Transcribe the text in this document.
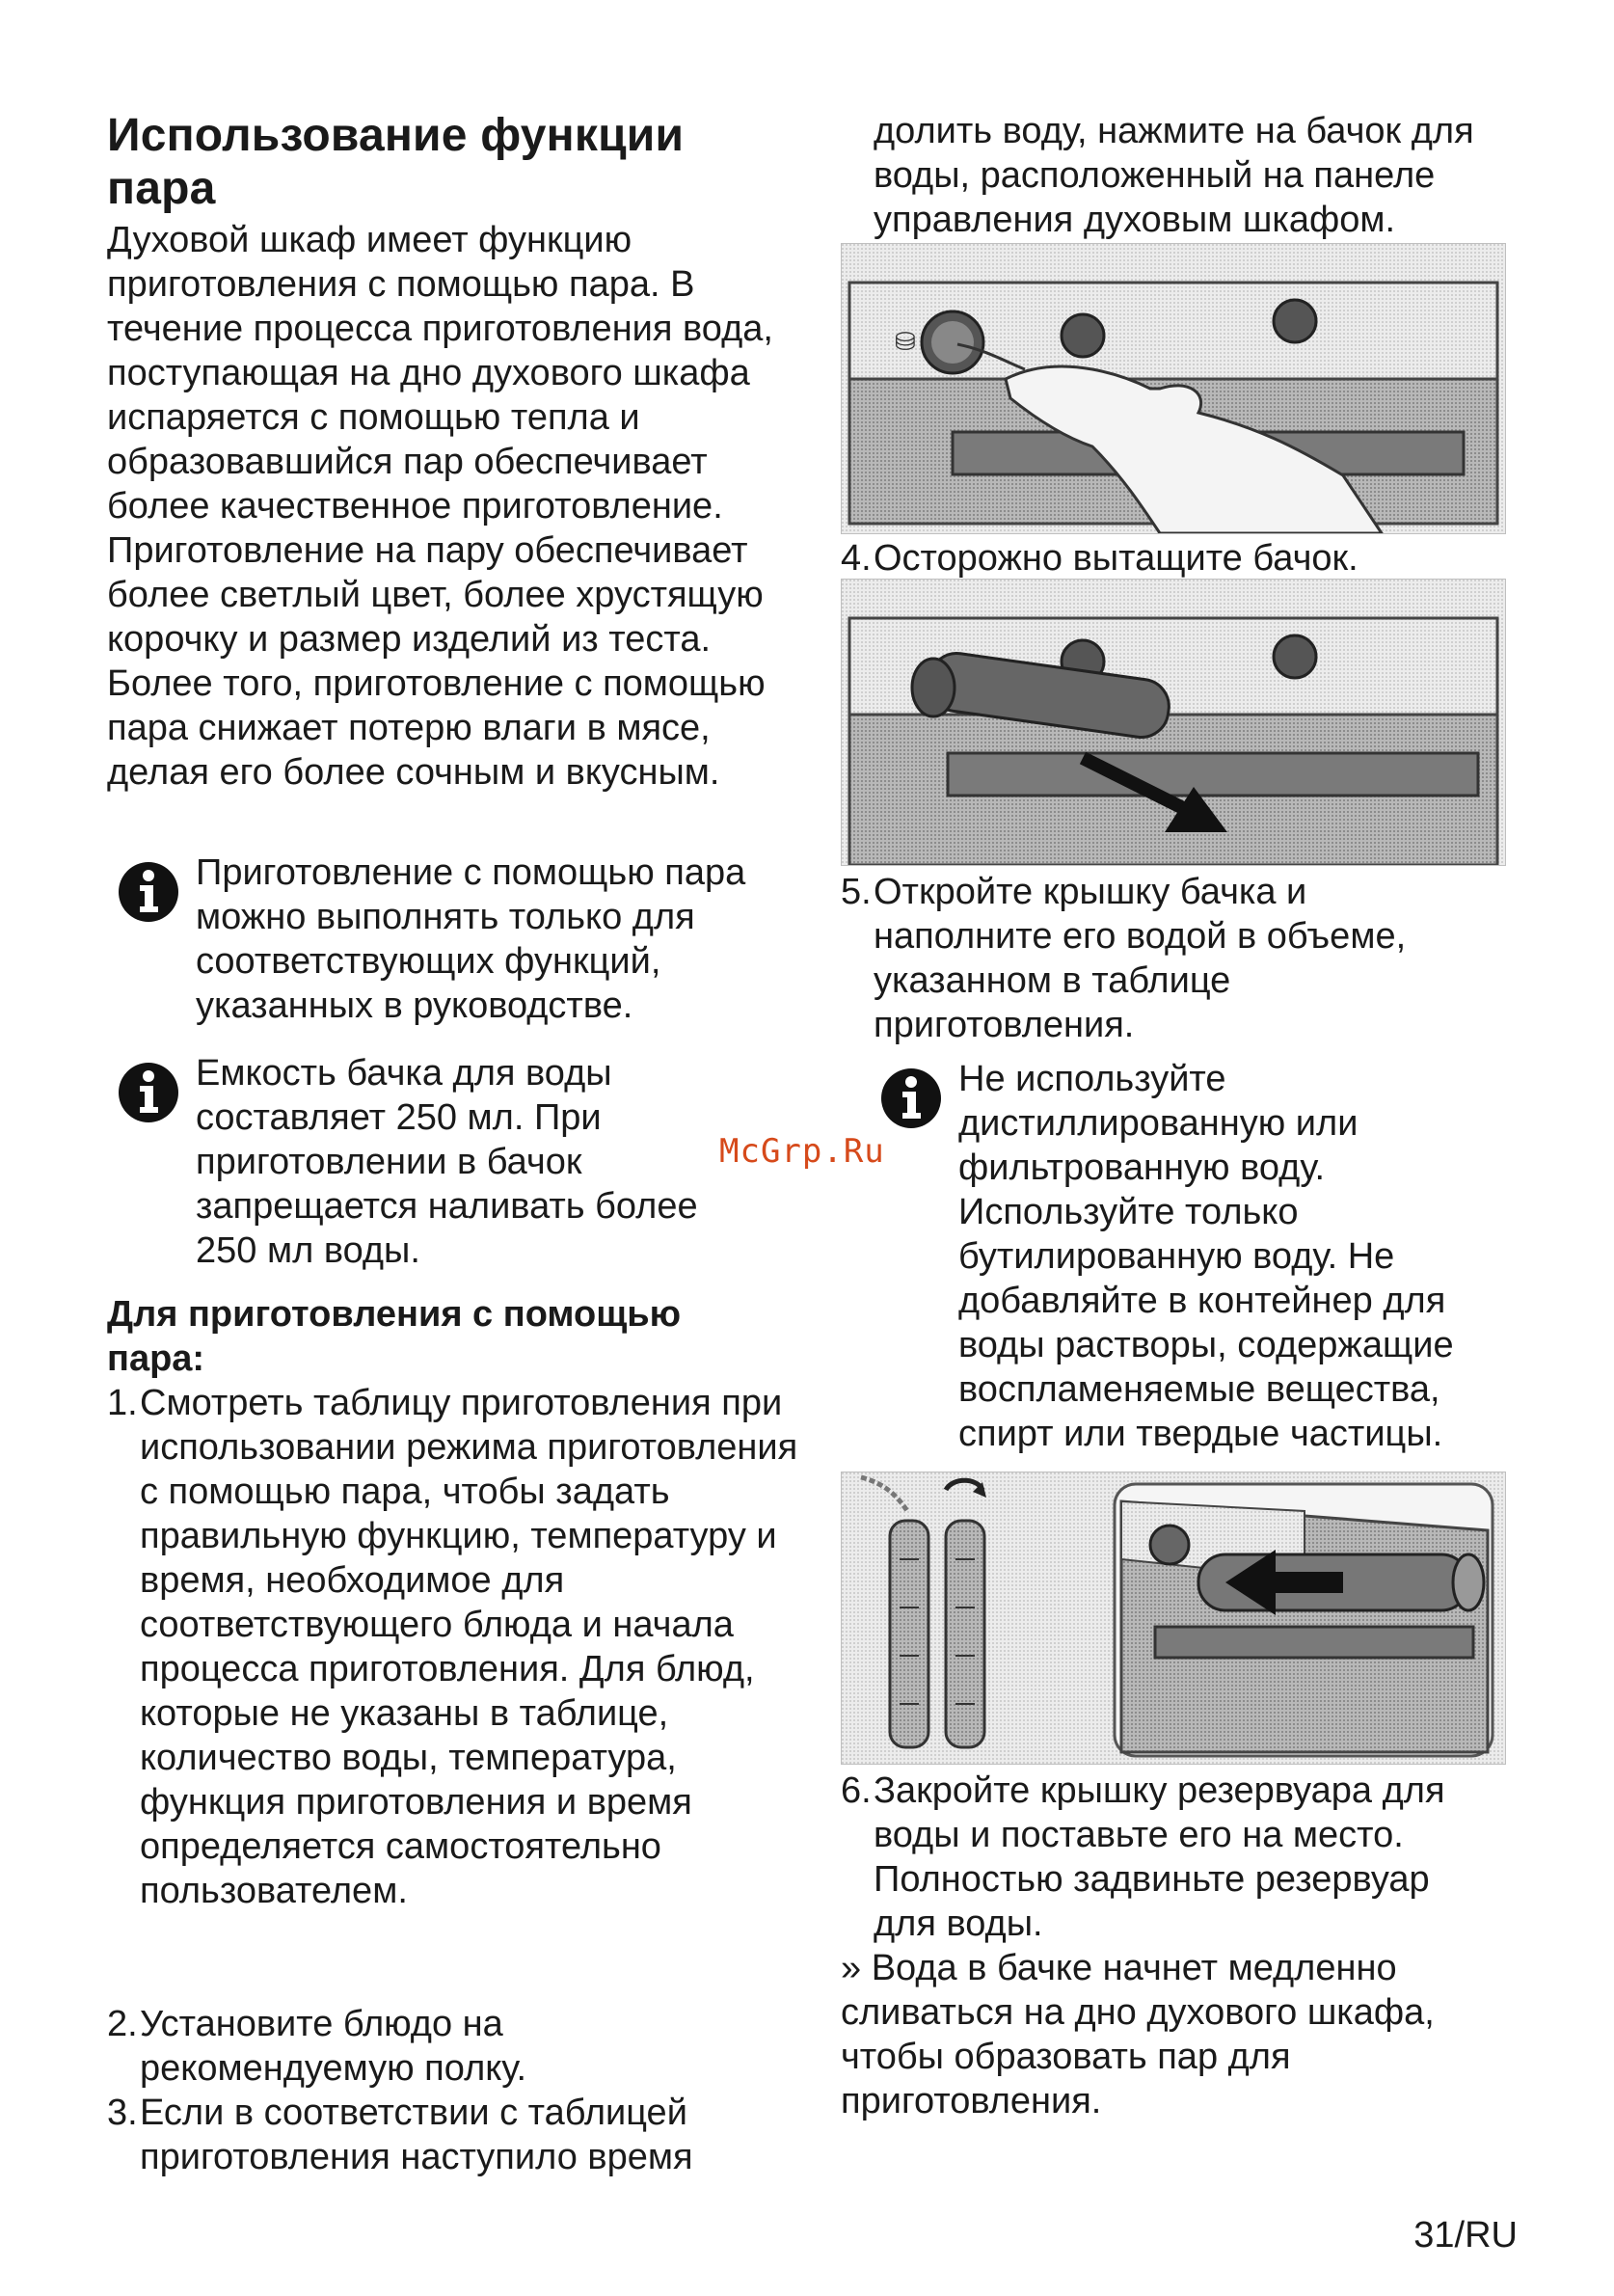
Использование функции пара

Духовой шкаф имеет функцию приготовления с помощью пара. В течение процесса приготовления вода, поступающая на дно духового шкафа испаряется с помощью тепла и образовавшийся пар обеспечивает более качественное приготовление. Приготовление на пару обеспечивает более светлый цвет, более хрустящую корочку и размер изделий из теста. Более того, приготовление с помощью пара снижает потерю влаги в мясе, делая его более сочным и вкусным.

Приготовление с помощью пара можно выполнять только для соответствующих функций, указанных в руководстве.

Емкость бачка для воды составляет 250 мл. При приготовлении в бачок запрещается наливать более 250 мл воды.

Для приготовления с помощью пара:

1. Смотреть таблицу приготовления при использовании режима приготовления с помощью пара, чтобы задать правильную функцию, температуру и время, необходимое для соответствующего блюда и начала процесса приготовления. Для блюд, которые не указаны в таблице, количество воды, температура, функция приготовления и время определяется самостоятельно пользователем.
2. Установите блюдо на рекомендуемую полку.
3. Если в соответствии с таблицей приготовления наступило время

долить воду, нажмите на бачок для воды, расположенный на панеле управления духовым шкафом.

⛁
4. Осторожно вытащите бачок.
5. Откройте крышку бачка и наполните его водой в объеме, указанном в таблице приготовления.

Не используйте дистиллированную или фильтрованную воду. Используйте только бутилированную воду. Не добавляйте в контейнер для воды растворы, содержащие воспламеняемые вещества, спирт или твердые частицы.

6. Закройте крышку резервуара для воды и поставьте его на место. Полностью задвиньте резервуар для воды.

» Вода в бачке начнет медленно сливаться на дно духового шкафа, чтобы образовать пар для приготовления.

McGrp.Ru
31/RU
